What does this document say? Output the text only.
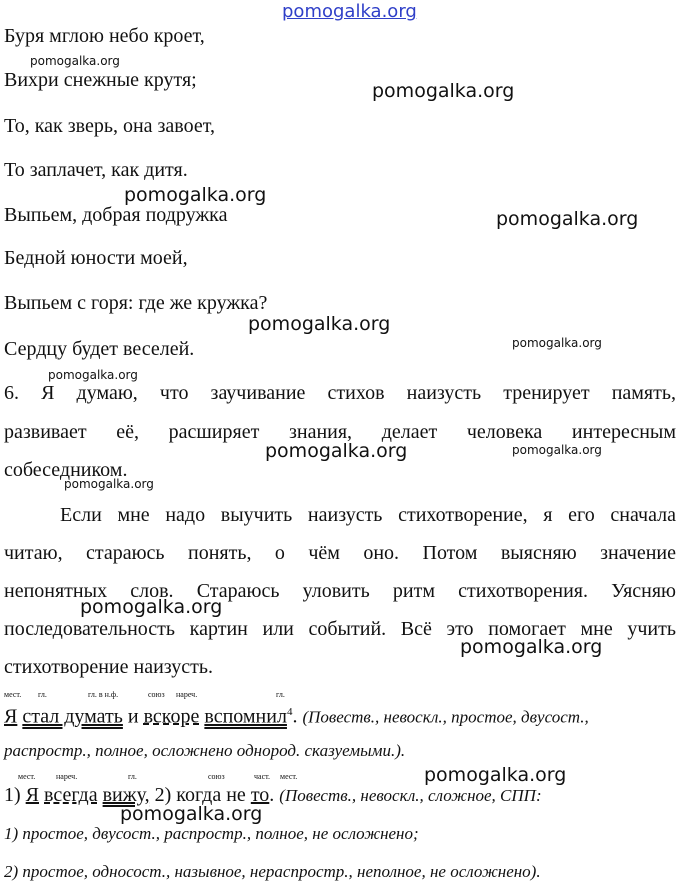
pomogalka.org
Буря мглою небо кроет,
Вихри снежные крутя;
То, как зверь, она завоет,
То заплачет, как дитя.
Выпьем, добрая подружка
Бедной юности моей,
Выпьем с горя: где же кружка?
Сердцу будет веселей.
6. Я думаю, что заучивание стихов наизусть тренирует память,
развивает её, расширяет знания, делает человека интересным
собеседником.
Если мне надо выучить наизусть стихотворение, я его сначала
читаю, стараюсь понять, о чём оно. Потом выясняю значение
непонятных слов. Стараюсь уловить ритм стихотворения. Уясняю
последовательность картин или событий. Всё это помогает мне учить
стихотворение наизусть.
мест. гл.	гл. в н.ф.	союз нареч.	гл.
Я стал думать и вскоре вспомнил$^4$. (Повеств., невоскл., простое, двусост.,
распростр., полное, осложнено однород. сказуемыми.).
мест.	нареч.	гл.	союз	част. мест.
1) Я всегда вижу, 2) когда не то. (Повеств., невоскл., сложное, СПП:
1) простое, двусост., распростр., полное, не осложнено;
2) простое, односост., назывное, нераспростр., неполное, не осложнено).
pomogalka.org
pomogalka.org
pomogalka.org
pomogalka.org
pomogalka.org
pomogalka.org
pomogalka.org
pomogalka.org	pomogalka.org
pomogalka.org
pomogalka.org
pomogalka.org
pomogalka.org
pomogalka.org
